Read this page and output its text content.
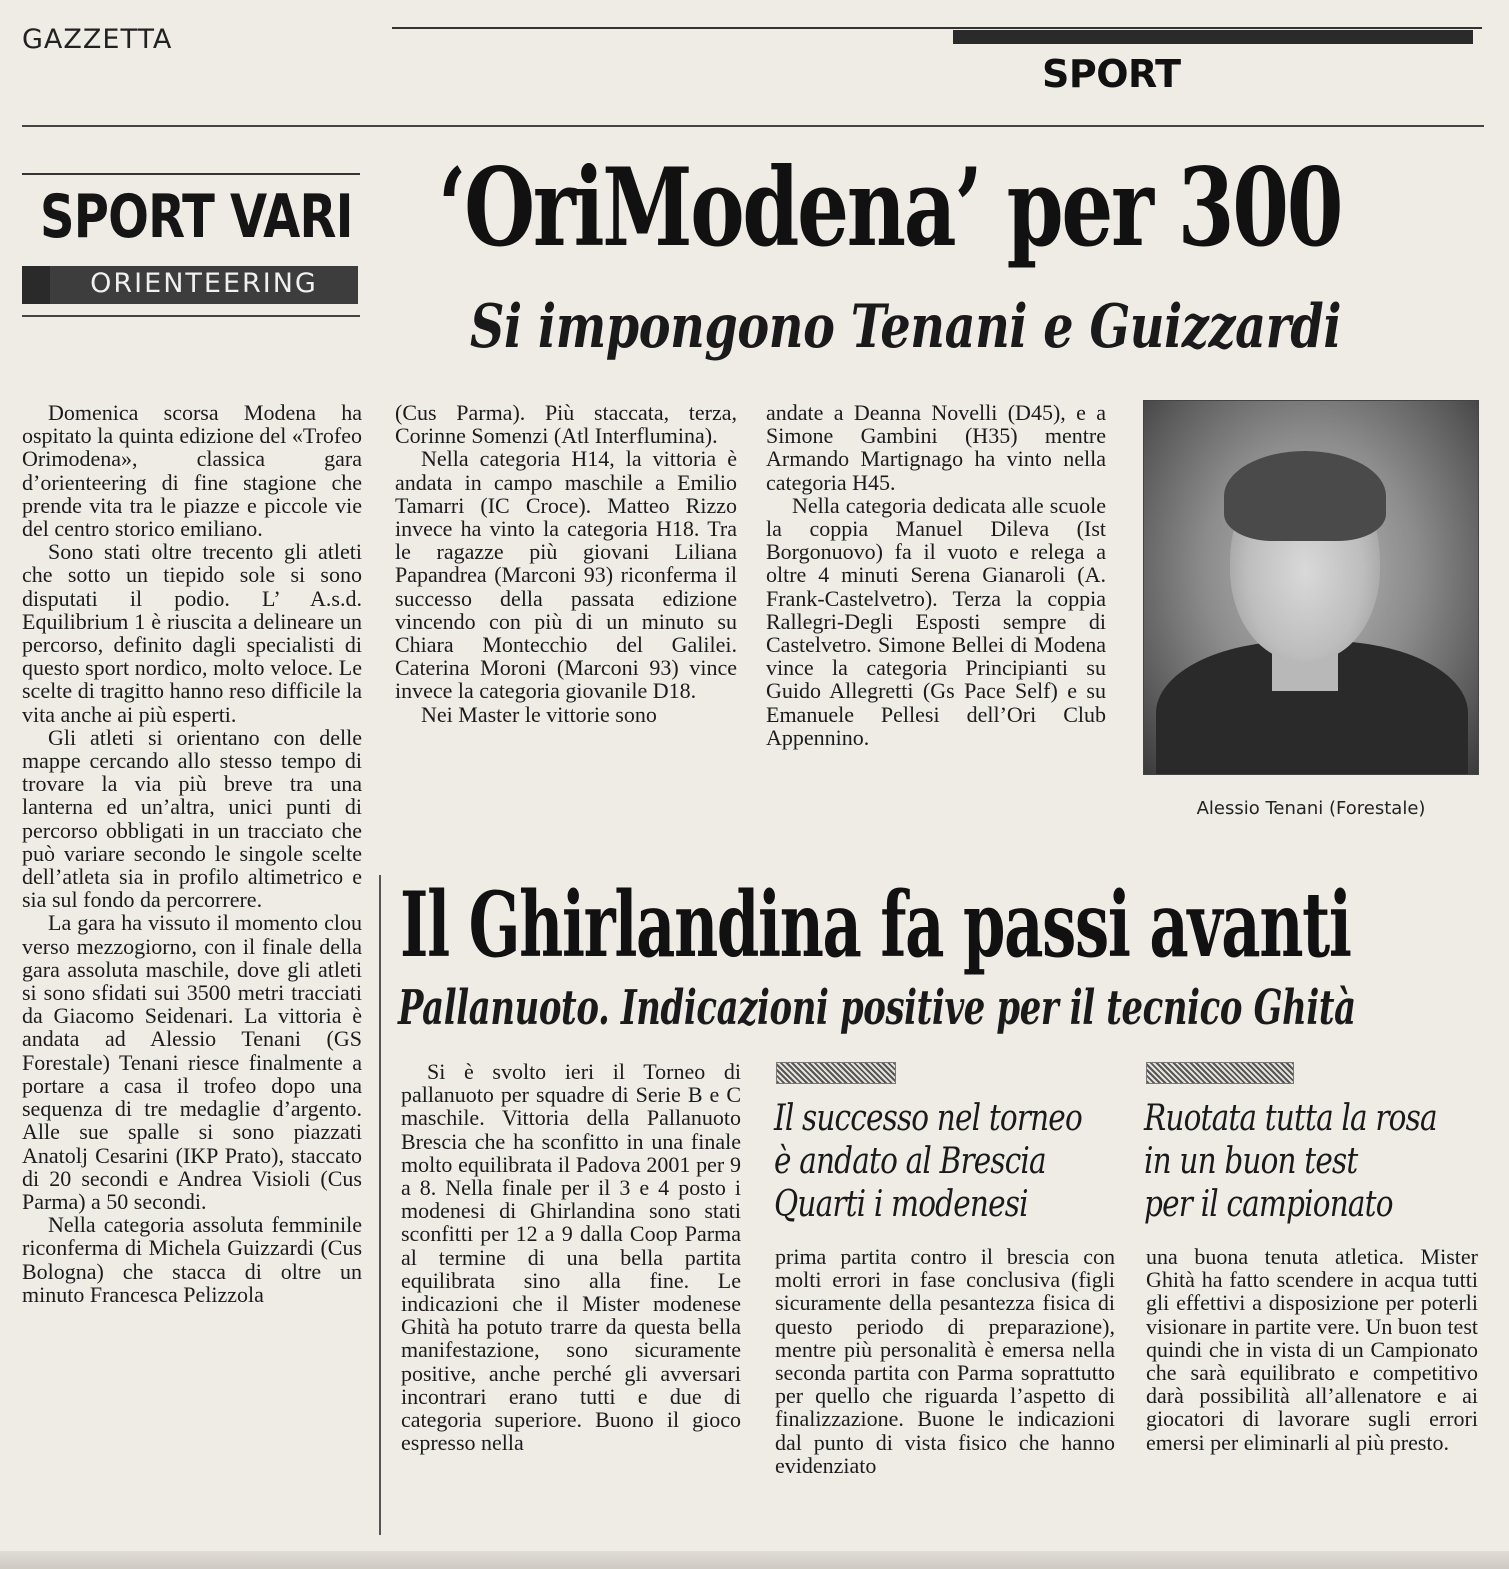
GAZZETTA
SPORT
SPORT VARI
ORIENTEERING
‘OriModena’ per 300
Si impongono Tenani e Guizzardi

Domenica scorsa Modena ha ospitato la quinta edizione del «Trofeo Orimodena», classica gara d’orienteering di fine stagione che prende vita tra le piazze e piccole vie del centro storico emiliano.

Sono stati oltre trecento gli atleti che sotto un tiepido sole si sono disputati il podio. L’ A.s.d. Equilibrium 1 è riuscita a delineare un percorso, definito dagli specialisti di questo sport nordico, molto veloce. Le scelte di tragitto hanno reso difficile la vita anche ai più esperti.

Gli atleti si orientano con delle mappe cercando allo stesso tempo di trovare la via più breve tra una lanterna ed un’altra, unici punti di percorso obbligati in un tracciato che può variare secondo le singole scelte dell’atleta sia in profilo altimetrico e sia sul fondo da percorrere.

La gara ha vissuto il momento clou verso mezzogiorno, con il finale della gara assoluta maschile, dove gli atleti si sono sfidati sui 3500 metri tracciati da Giacomo Seidenari. La vittoria è andata ad Alessio Tenani (GS Forestale) Tenani riesce finalmente a portare a casa il trofeo dopo una sequenza di tre medaglie d’argento. Alle sue spalle si sono piazzati Anatolj Cesarini (IKP Prato), staccato di 20 secondi e Andrea Visioli (Cus Parma) a 50 secondi.

Nella categoria assoluta femminile riconferma di Michela Guizzardi (Cus Bologna) che stacca di oltre un minuto Francesca Pelizzola

(Cus Parma). Più staccata, terza, Corinne Somenzi (Atl Interflumina).

Nella categoria H14, la vittoria è andata in campo maschile a Emilio Tamarri (IC Croce). Matteo Rizzo invece ha vinto la categoria H18. Tra le ragazze più giovani Liliana Papandrea (Marconi 93) riconferma il successo della passata edizione vincendo con più di un minuto su Chiara Montecchio del Galilei. Caterina Moroni (Marconi 93) vince invece la categoria giovanile D18.

Nei Master le vittorie sono

andate a Deanna Novelli (D45), e a Simone Gambini (H35) mentre Armando Martignago ha vinto nella categoria H45.

Nella categoria dedicata alle scuole la coppia Manuel Dileva (Ist Borgonuovo) fa il vuoto e relega a oltre 4 minuti Serena Gianaroli (A. Frank-Castelvetro). Terza la coppia Rallegri-Degli Esposti sempre di Castelvetro. Simone Bellei di Modena vince la categoria Principianti su Guido Allegretti (Gs Pace Self) e su Emanuele Pellesi dell’Ori Club Appennino.

Alessio Tenani (Forestale)
Il Ghirlandina fa passi avanti
Pallanuoto. Indicazioni positive per il tecnico Ghità

Si è svolto ieri il Torneo di pallanuoto per squadre di Serie B e C maschile. Vittoria della Pallanuoto Brescia che ha sconfitto in una finale molto equilibrata il Padova 2001 per 9 a 8. Nella finale per il 3 e 4 posto i modenesi di Ghirlandina sono stati sconfitti per 12 a 9 dalla Coop Parma al termine di una bella partita equilibrata sino alla fine. Le indicazioni che il Mister modenese Ghità ha potuto trarre da questa bella manifestazione, sono sicuramente positive, anche perché gli avversari incontrari erano tutti e due di categoria superiore. Buono il gioco espresso nella

Il successo nel torneo
è andato al Brescia
Quarti i modenesi
Ruotata tutta la rosa
in un buon test
per il campionato

prima partita contro il brescia con molti errori in fase conclusiva (figli sicuramente della pesantezza fisica di questo periodo di preparazione), mentre più personalità è emersa nella seconda partita con Parma soprattutto per quello che riguarda l’aspetto di finalizzazione. Buone le indicazioni dal punto di vista fisico che hanno evidenziato

una buona tenuta atletica. Mister Ghità ha fatto scendere in acqua tutti gli effettivi a disposizione per poterli visionare in partite vere. Un buon test quindi che in vista di un Campionato che sarà equilibrato e competitivo darà possibilità all’allenatore e ai giocatori di lavorare sugli errori emersi per eliminarli al più presto.
